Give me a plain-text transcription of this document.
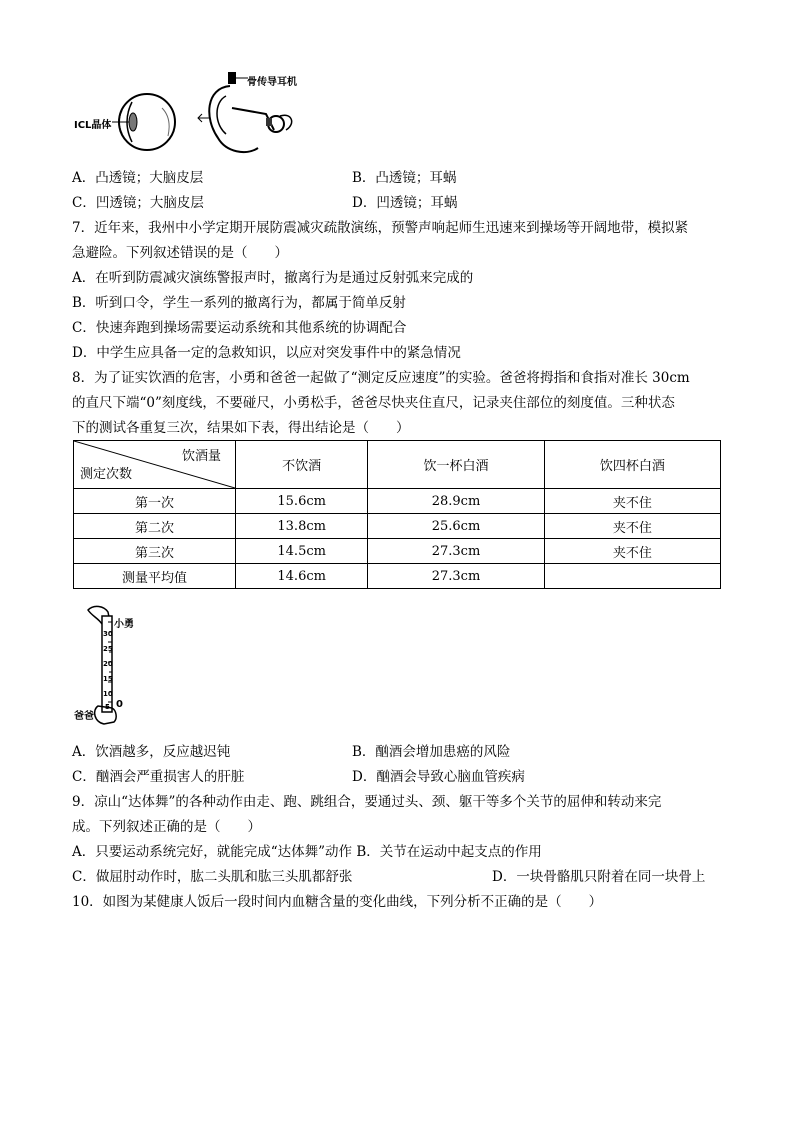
ICL晶体
骨传导耳机
A．凸透镜；大脑皮层	B．凸透镜；耳蜗
C．凹透镜；大脑皮层	D．凹透镜；耳蜗
7．近年来，我州中小学定期开展防震减灾疏散演练，预警声响起师生迅速来到操场等开阔地带，模拟紧
急避险。下列叙述错误的是（　　）
A．在听到防震减灾演练警报声时，撤离行为是通过反射弧来完成的
B．听到口令，学生一系列的撤离行为，都属于简单反射
C．快速奔跑到操场需要运动系统和其他系统的协调配合
D．中学生应具备一定的急救知识，以应对突发事件中的紧急情况
8．为了证实饮酒的危害，小勇和爸爸一起做了“测定反应速度”的实验。爸爸将拇指和食指对准长 30cm
的直尺下端“0”刻度线，不要碰尺，小勇松手，爸爸尽快夹住直尺，记录夹住部位的刻度值。三种状态
下的测试各重复三次，结果如下表，得出结论是（　　）
饮酒量
测定次数	不饮酒	饮一杯白酒	饮四杯白酒
第一次	15.6cm	28.9cm	夹不住
第二次	13.8cm	25.6cm	夹不住
第三次	14.5cm	27.3cm	夹不住
测量平均值	14.6cm	27.3cm	
30
25
20
15
10
5
小勇
0
爸爸
A．饮酒越多，反应越迟钝	B．酗酒会增加患癌的风险
C．酗酒会严重损害人的肝脏	D．酗酒会导致心脑血管疾病
9．凉山“达体舞”的各种动作由走、跑、跳组合，要通过头、颈、躯干等多个关节的屈伸和转动来完
成。下列叙述正确的是（　　）
A．只要运动系统完好，就能完成“达体舞”动作 B．关节在运动中起支点的作用
C．做屈肘动作时，肱二头肌和肱三头肌都舒张	D．一块骨骼肌只附着在同一块骨上
10．如图为某健康人饭后一段时间内血糖含量的变化曲线，下列分析不正确的是（　　）
